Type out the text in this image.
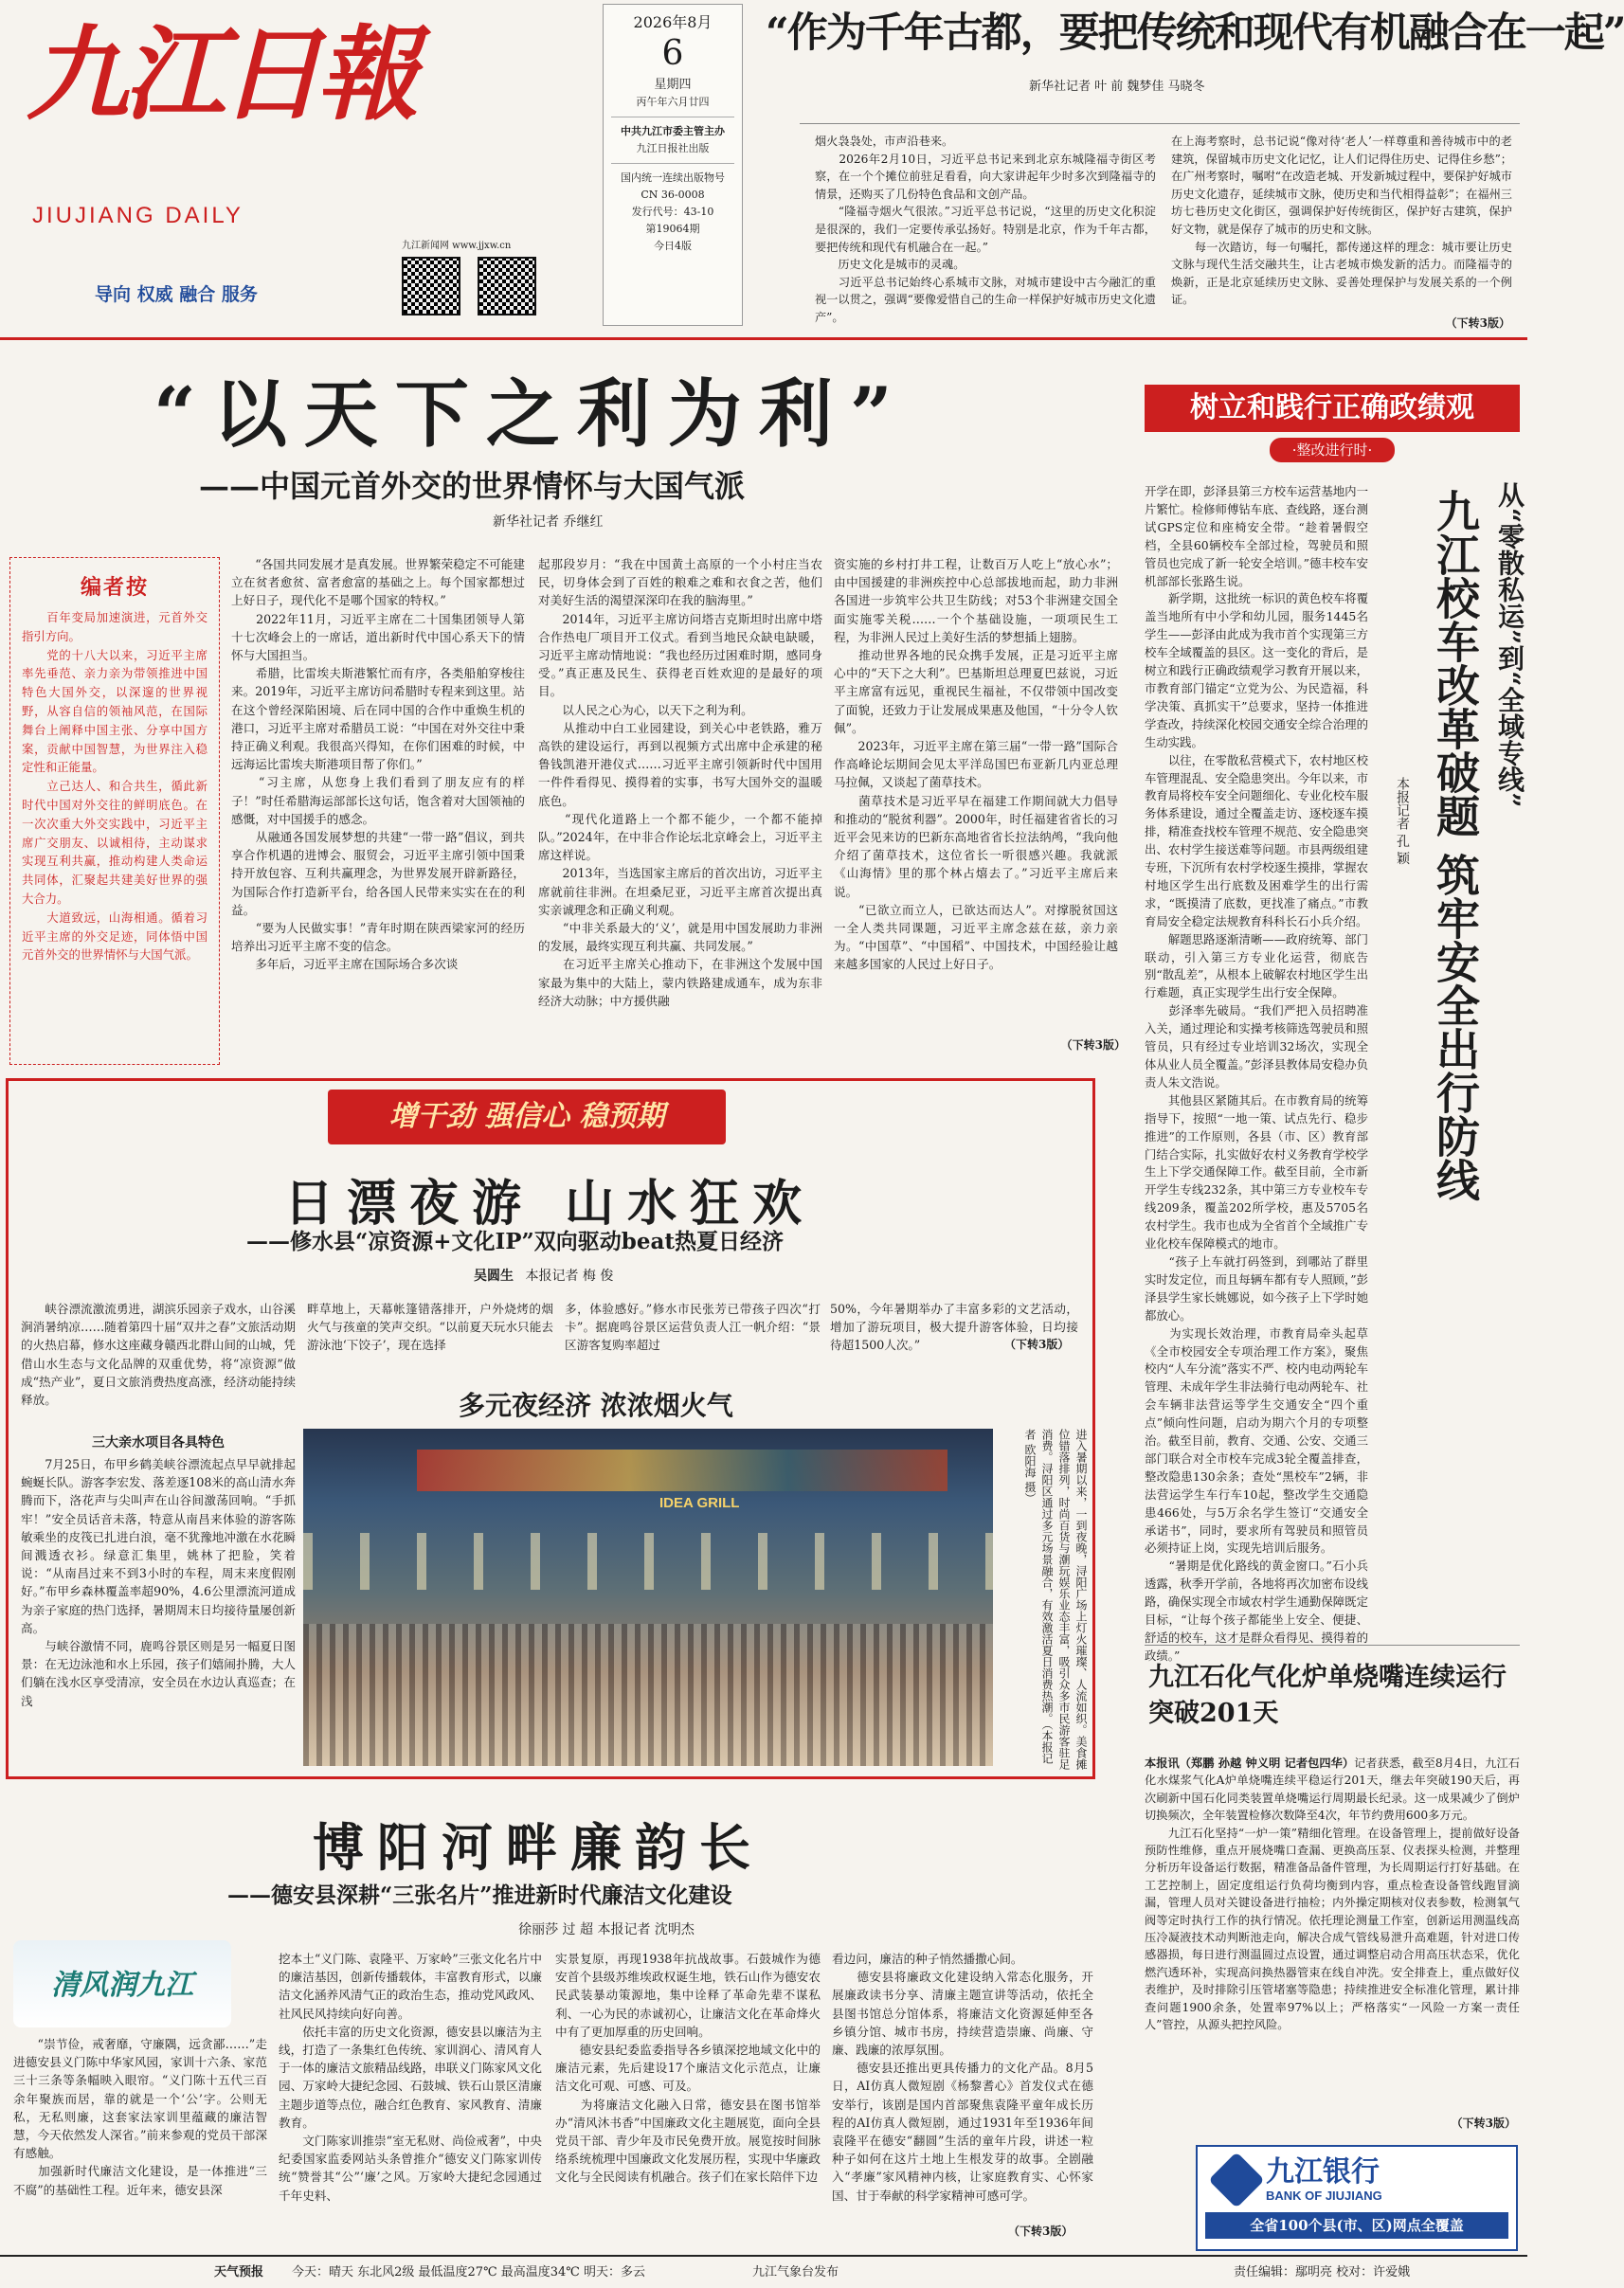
九江日報
JIUJIANG DAILY
导向 权威 融合 服务
九江新闻网 www.jjxw.cn
2026年8月
6
星期四
丙午年六月廿四
中共九江市委主管主办
九江日报社出版
国内统一连续出版物号
CN 36-0008
发行代号：43-10
第19064期
今日4版
“作为千年古都，要把传统和现代有机融合在一起”
新华社记者 叶 前 魏梦佳 马晓冬
烟火袅袅处，市声沿巷来。
　　2026年2月10日，习近平总书记来到北京东城隆福寺街区考察，在一个个摊位前驻足看看，向大家讲起年少时多次到隆福寺的情景，还购买了几份特色食品和文创产品。
　　“隆福寺烟火气很浓。”习近平总书记说，“这里的历史文化积淀是很深的，我们一定要传承弘扬好。特别是北京，作为千年古都，要把传统和现代有机融合在一起。”
　　历史文化是城市的灵魂。
　　习近平总书记始终心系城市文脉，对城市建设中古今融汇的重视一以贯之，强调“要像爱惜自己的生命一样保护好城市历史文化遗产”。
在上海考察时，总书记说“像对待‘老人’一样尊重和善待城市中的老建筑，保留城市历史文化记忆，让人们记得住历史、记得住乡愁”；在广州考察时，嘱咐“在改造老城、开发新城过程中，要保护好城市历史文化遗存，延续城市文脉，使历史和当代相得益彰”；在福州三坊七巷历史文化街区，强调保护好传统街区，保护好古建筑，保护好文物，就是保存了城市的历史和文脉。
　　每一次踏访，每一句嘱托，都传递这样的理念：城市要让历史文脉与现代生活交融共生，让古老城市焕发新的活力。而隆福寺的焕新，正是北京延续历史文脉、妥善处理保护与发展关系的一个例证。
（下转3版）
“以天下之利为利”
——中国元首外交的世界情怀与大国气派
新华社记者 乔继红
编者按
　　百年变局加速演进，元首外交指引方向。
　　党的十八大以来，习近平主席率先垂范、亲力亲为带领推进中国特色大国外交，以深邃的世界视野，从容自信的领袖风范，在国际舞台上阐释中国主张、分享中国方案，贡献中国智慧，为世界注入稳定性和正能量。
　　立己达人、和合共生，循此新时代中国对外交往的鲜明底色。在一次次重大外交实践中，习近平主席广交朋友、以诚相待，主动谋求实现互利共赢，推动构建人类命运共同体，汇聚起共建美好世界的强大合力。
　　大道致远，山海相通。循着习近平主席的外交足迹，同体悟中国元首外交的世界情怀与大国气派。
　　“各国共同发展才是真发展。世界繁荣稳定不可能建立在贫者愈贫、富者愈富的基础之上。每个国家都想过上好日子，现代化不是哪个国家的特权。”
　　2022年11月，习近平主席在二十国集团领导人第十七次峰会上的一席话，道出新时代中国心系天下的情怀与大国担当。
　　希腊，比雷埃夫斯港繁忙而有序，各类船舶穿梭往来。2019年，习近平主席访问希腊时专程来到这里。站在这个曾经深陷困境、后在同中国的合作中重焕生机的港口，习近平主席对希腊员工说：“中国在对外交往中秉持正确义利观。我很高兴得知，在你们困难的时候，中远海运比雷埃夫斯港项目帮了你们。”
　　“习主席，从您身上我们看到了朋友应有的样子！”时任希腊海运部部长这句话，饱含着对大国领袖的感慨，对中国援手的感念。
　　从融通各国发展梦想的共建“一带一路”倡议，到共享合作机遇的进博会、服贸会，习近平主席引领中国秉持开放包容、互利共赢理念，为世界发展开辟新路径，为国际合作打造新平台，给各国人民带来实实在在的利益。
　　“要为人民做实事！”青年时期在陕西梁家河的经历培养出习近平主席不变的信念。
　　多年后，习近平主席在国际场合多次谈
起那段岁月：“我在中国黄土高原的一个小村庄当农民，切身体会到了百姓的粮难之难和衣食之苦，他们对美好生活的渴望深深印在我的脑海里。”
　　2014年，习近平主席访问塔吉克斯坦时出席中塔合作热电厂项目开工仪式。看到当地民众缺电缺暖，习近平主席动情地说：“我也经历过困难时期，感同身受。”真正惠及民生、获得老百姓欢迎的是最好的项目。
　　以人民之心为心，以天下之利为利。
　　从推动中白工业园建设，到关心中老铁路，雅万高铁的建设运行，再到以视频方式出席中企承建的秘鲁钱凯港开港仪式……习近平主席引领新时代中国用一件件看得见、摸得着的实事，书写大国外交的温暖底色。
　　“现代化道路上一个都不能少，一个都不能掉队。”2024年，在中非合作论坛北京峰会上，习近平主席这样说。
　　2013年，当选国家主席后的首次出访，习近平主席就前往非洲。在坦桑尼亚，习近平主席首次提出真实亲诚理念和正确义利观。
　　“中非关系最大的‘义’，就是用中国发展助力非洲的发展，最终实现互利共赢、共同发展。”
　　在习近平主席关心推动下，在非洲这个发展中国家最为集中的大陆上，蒙内铁路建成通车，成为东非经济大动脉；中方援供融
资实施的乡村打井工程，让数百万人吃上“放心水”；由中国援建的非洲疾控中心总部拔地而起，助力非洲各国进一步筑牢公共卫生防线；对53个非洲建交国全面实施零关税……一个个基础设施，一项项民生工程，为非洲人民过上美好生活的梦想插上翅膀。
　　推动世界各地的民众携手发展，正是习近平主席心中的“天下之大利”。巴基斯坦总理夏巴兹说，习近平主席富有远见，重视民生福祉，不仅带领中国改变了面貌，还致力于让发展成果惠及他国，“十分令人钦佩”。
　　2023年，习近平主席在第三届“一带一路”国际合作高峰论坛期间会见太平洋岛国巴布亚新几内亚总理马拉佩，又谈起了菌草技术。
　　菌草技术是习近平早在福建工作期间就大力倡导和推动的“脱贫利器”。2000年，时任福建省省长的习近平会见来访的巴新东高地省省长拉法纳鸬，“我向他介绍了菌草技术，这位省长一听很感兴趣。我就派《山海情》里的那个林占熺去了。”习近平主席后来说。
　　“已欲立而立人，已欲达而达人”。对撑脱贫国这一全人类共同课题，习近平主席念兹在兹，亲力亲为。“中国草”、“中国稻”、中国技术，中国经验让越来越多国家的人民过上好日子。
（下转3版）
树立和践行正确政绩观
·整改进行时·
开学在即，彭泽县第三方校车运营基地内一片繁忙。检修师傅钻车底、查线路，逐台测试GPS定位和座椅安全带。“趁着暑假空档，全县60辆校车全部过检，驾驶员和照管员也完成了新一轮安全培训。”德丰校车安机部部长张路生说。
　　新学期，这批统一标识的黄色校车将覆盖当地所有中小学和幼儿园，服务1445名学生——彭泽由此成为我市首个实现第三方校车全域覆盖的县区。这一变化的背后，是树立和践行正确政绩观学习教育开展以来，市教育部门锚定“立党为公、为民造福，科学决策、真抓实干”总要求，坚持一体推进学查改，持续深化校园交通安全综合治理的生动实践。
　　以往，在零散私营模式下，农村地区校车管理混乱、安全隐患突出。今年以来，市教育局将校车安全问题细化、专业化校车服务体系建设，通过全覆盖走访、逐校逐车摸排，精准查找校车管理不规范、安全隐患突出、农村学生接送难等问题。市县两级组建专班，下沉所有农村学校逐生摸排，掌握农村地区学生出行底数及困难学生的出行需求，“既摸清了底数，更找准了痛点。”市教育局安全稳定法规教育科科长石小兵介绍。
　　解题思路逐渐清晰——政府统筹、部门联动，引入第三方专业化运营，彻底告别“散乱差”，从根本上破解农村地区学生出行难题，真正实现学生出行安全保障。
　　彭泽率先破局。“我们严把入员招聘准入关，通过理论和实操考核筛选驾驶员和照管员，只有经过专业培训32场次，实现全体从业人员全覆盖。”彭泽县教体局安稳办负责人朱文浩说。
　　其他县区紧随其后。在市教育局的统筹指导下，按照“一地一策、试点先行、稳步推进”的工作原则，各县（市、区）教育部门结合实际，扎实做好农村义务教育学校学生上下学交通保障工作。截至目前，全市新开学生专线232条，其中第三方专业校车专线209条，覆盖202所学校，惠及5705名农村学生。我市也成为全省首个全域推广专业化校车保障模式的地市。
　　“孩子上车就打码签到，到哪站了群里实时发定位，而且每辆车都有专人照顾，”彭泽县学生家长姚娜说，如今孩子上下学时她都放心。
　　为实现长效治理，市教育局牵头起草《全市校园安全专项治理工作方案》，聚焦校内“人车分流”落实不严、校内电动两轮车管理、未成年学生非法骑行电动两轮车、社会车辆非法营运等学生交通安全“四个重点”倾向性问题，启动为期六个月的专项整治。截至目前，教育、交通、公安、交通三部门联合对全市校车完成3轮全覆盖排查，整改隐患130余条；查处“黑校车”2辆，非法营运学生车行车10起，整改学生交通隐患466处，与5万余名学生签订“交通安全承诺书”，同时，要求所有驾驶员和照管员必须持证上岗，实现先培训后服务。
　　“暑期是优化路线的黄金窗口。”石小兵透露，秋季开学前，各地将再次加密布设线路，确保实现全市域农村学生通勤保障既定目标，“让每个孩子都能坐上安全、便捷、舒适的校车，这才是群众看得见、摸得着的政绩。”
从“零散私运”到“全域专线”
九江校车改革破题 筑牢安全出行防线
本报记者 孔 颖
九江石化气化炉单烧嘴连续运行突破201天
本报讯（郑鹏 孙越 钟义明 记者包四华）记者获悉，截至8月4日，九江石化水煤浆气化A炉单烧嘴连续平稳运行201天，继去年突破190天后，再次刷新中国石化同类装置单烧嘴运行周期最长纪录。这一成果减少了倒炉切换频次，全年装置检修次数降至4次，年节约费用600多万元。
　　九江石化坚持“一炉一策”精细化管理。在设备管理上，提前做好设备预防性维修，重点开展烧嘴口查漏、更换高压泵、仪表探头检测，并整理分析历年设备运行数据，精准备品备件管理，为长周期运行打好基础。在工艺控制上，固定度组运行负荷均衡到内容，重点检查设备管线跑冒滴漏，管理人员对关键设备进行抽检；内外操定期核对仪表参数，检测氧气阀等定时执行工作的执行情况。依托理论测量工作室，创新运用测温线高压冷凝液技术动判断池走向，解决合成气管线易泄升高难题，针对进口传感器损，每日进行测温圆过点设置，通过调整启动合用高压状态采，优化燃汽透环补，实现高问换热器管束在线自冲洗。安全排查上，重点做好仪表维护，及时排除引压管堵塞等隐患；持续推进安全标准化管理，累计排查问题1900余条，处置率97%以上；严格落实“一风险一方案一责任人”管控，从源头把控风险。
（下转3版）
九江银行
BANK OF JIUJIANG
全省100个县(市、区)网点全覆盖
增干劲 强信心 稳预期
日漂夜游 山水狂欢
——修水县“凉资源+文化IP”双向驱动beat热夏日经济
吴圆生 本报记者 梅 俊
　　峡谷漂流激流勇进，湖滨乐园亲子戏水，山谷溪涧消暑纳凉……随着第四十届“双井之春”文旅活动期的火热启幕，修水这座藏身赣西北群山间的山城，凭借山水生态与文化品牌的双重优势，将“凉资源”做成“热产业”，夏日文旅消费热度高涨，经济动能持续释放。
三大亲水项目各具特色
　　7月25日，布甲乡鹤美峡谷漂流起点早早就排起蜿蜒长队。游客李宏发、落差逐108米的高山清水奔腾而下，洛花声与尖叫声在山谷间激荡回响。“手抓牢！”安全员话音未落，特意从南昌来体验的游客陈敏乘坐的皮筏已扎进白浪，毫不犹豫地冲激在水花瞬间溅透衣衫。绿意汇集里，姚林了把脸，笑着说：“从南昌过来不到3小时的车程，周末来度假刚好。”布甲乡森林覆盖率超90%，4.6公里漂流河道成为亲子家庭的热门选择，暑期周末日均接待量屡创新高。
　　与峡谷激情不同，鹿鸣谷景区则是另一幅夏日图景：在无边泳池和水上乐园，孩子们嬉闹扑腾，大人们躺在浅水区享受清凉，安全员在水边认真巡查；在浅
畔草地上，天幕帐篷错落排开，户外烧烤的烟火气与孩童的笑声交织。“以前夏天玩水只能去游泳池‘下饺子’，现在选择
多，体验感好。”修水市民张芳已带孩子四次“打卡”。据鹿鸣谷景区运营负责人江一帆介绍：“景区游客复购率超过
50%，今年暑期举办了丰富多彩的文艺活动，增加了游玩项目，极大提升游客体验，日均接待超1500人次。”	（下转3版）
多元夜经济 浓浓烟火气
IDEA GRILL	进入暑期以来，一到夜晚，浔阳广场上灯火璀璨、人流如织。美食摊位错落排列，时尚百货与潮玩娱乐业态丰富，吸引众多市民游客驻足消费。浔阳区通过多元场景融合，有效激活夏日消费热潮。（本报记者 欧阳海 摄）
博阳河畔廉韵长
——德安县深耕“三张名片”推进新时代廉洁文化建设
徐丽莎 过 超 本报记者 沈明杰
清风润九江
　　“崇节俭，戒奢靡，守廉隅，远贪鄙……”走进德安县义门陈中华家风园，家训十六条、家范三十三条等条幅映入眼帘。“义门陈十五代三百余年聚族而居，靠的就是一个‘公’字。公则无私，无私则廉，这套家法家训里蕴藏的廉洁智慧，今天依然发人深省。”前来参观的党员干部深有感触。
　　加强新时代廉洁文化建设，是一体推进“三不腐”的基础性工程。近年来，德安县深
挖本土“义门陈、袁隆平、万家岭”三张文化名片中的廉洁基因，创新传播载体，丰富教育形式，以廉洁文化涵养风清气正的政治生态，推动党风政风、社风民风持续向好向善。
　　依托丰富的历史文化资源，德安县以廉洁为主线，打造了一条集红色传统、家训润心、清风育人于一体的廉洁文旅精品线路，串联义门陈家风文化园、万家岭大捷纪念园、石鼓城、铁石山景区清廉主题步道等点位，融合红色教育、家风教育、清廉教育。
　　文门陈家训推崇“室无私财、尚俭戒奢”，中央纪委国家监委网站头条曾推介“德安义门陈家训传统“赞誉其“公”‘廉’之风。万家岭大捷纪念园通过千年史料、
实景复原，再现1938年抗战故事。石鼓城作为德安首个县级苏维埃政权诞生地，铁石山作为德安农民武装暴动策源地，集中诠释了革命先辈不谋私利、一心为民的赤诚初心，让廉洁文化在革命烽火中有了更加厚重的历史回响。
　　德安县纪委监委指导各乡镇深挖地域文化中的廉洁元素，先后建设17个廉洁文化示范点，让廉洁文化可观、可感、可及。
　　为将廉洁文化融入日常，德安县在图书馆举办“清风沐书香”中国廉政文化主题展览，面向全县党员干部、青少年及市民免费开放。展览按时间脉络系统梳理中国廉政文化发展历程，实现中华廉政文化与全民阅读有机融合。孩子们在家长陪伴下边
看边问，廉洁的种子悄然播撒心间。
　　德安县将廉政文化建设纳入常态化服务，开展廉政读书分享、清廉主题宣讲等活动，依托全县图书馆总分馆体系，将廉洁文化资源延伸至各乡镇分馆、城市书房，持续营造崇廉、尚廉、守廉、践廉的浓厚氛围。
　　德安县还推出更具传播力的文化产品。8月5日，AI仿真人微短剧《杨黎耆心》首发仪式在德安举行，该剧是国内首部聚焦袁隆平童年成长历程的AI仿真人微短剧，通过1931年至1936年间袁隆平在德安“翻圆”生活的童年片段，讲述一粒种子如何在这片土地上生根发芽的故事。全剧融入“孝廉”家风精神内核，让家庭教育实、心怀家国、甘于奉献的科学家精神可感可学。
（下转3版）
天气预报 今天：晴天 东北风2级 最低温度27℃ 最高温度34℃ 明天：多云	九江气象台发布	责任编辑：鄢明亮 校对：许爱娥
